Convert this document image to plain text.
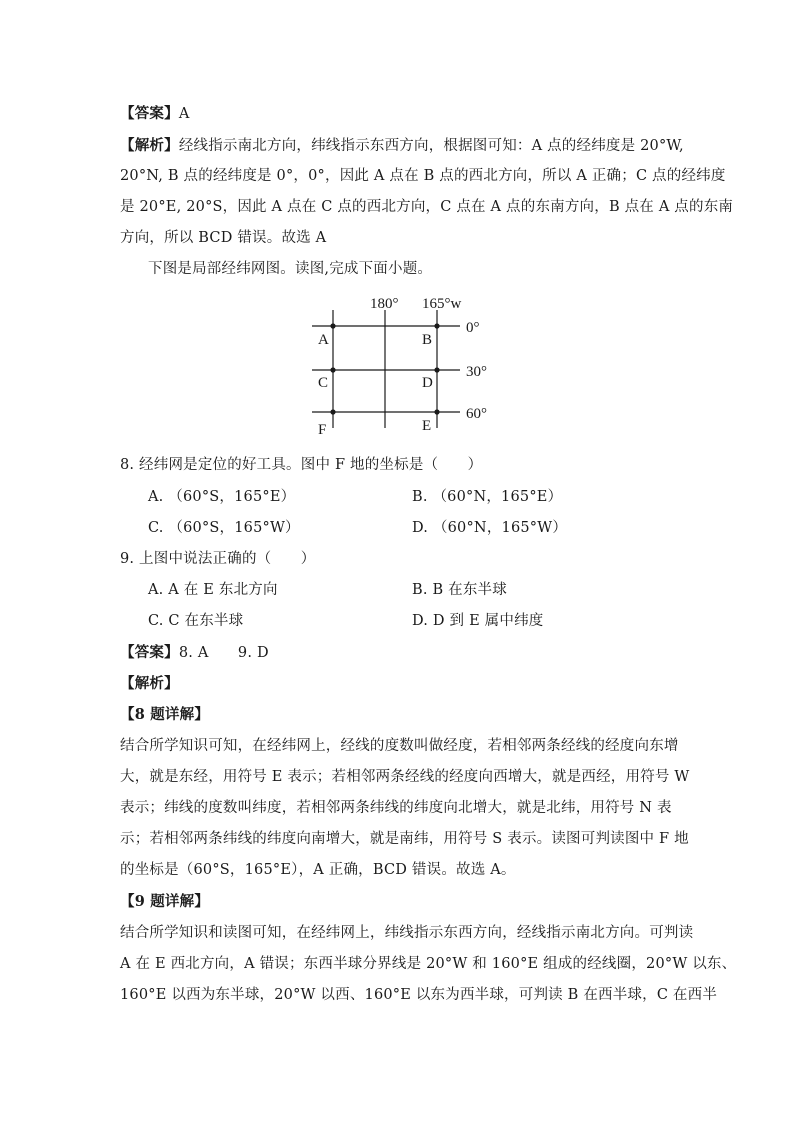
【答案】A
【解析】经线指示南北方向，纬线指示东西方向，根据图可知：A 点的经纬度是 20°W,
20°N, B 点的经纬度是 0°，0°，因此 A 点在 B 点的西北方向，所以 A 正确；C 点的经纬度
是 20°E, 20°S，因此 A 点在 C 点的西北方向，C 点在 A 点的东南方向，B 点在 A 点的东南
方向，所以 BCD 错误。故选 A
下图是局部经纬网图。读图,完成下面小题。
180° 165°w
0°
30°
60°
A	B
C	D
E
F
8. 经纬网是定位的好工具。图中 F 地的坐标是（　　）
A. （60°S，165°E）	B. （60°N，165°E）
C. （60°S，165°W）	D. （60°N，165°W）
9. 上图中说法正确的（　　）
A. A 在 E 东北方向	B. B 在东半球
C. C 在东半球	D. D 到 E 属中纬度
【答案】8. A　　9. D
【解析】
【8 题详解】
结合所学知识可知，在经纬网上，经线的度数叫做经度，若相邻两条经线的经度向东增
大，就是东经，用符号 E 表示；若相邻两条经线的经度向西增大，就是西经，用符号 W
表示；纬线的度数叫纬度，若相邻两条纬线的纬度向北增大，就是北纬，用符号 N 表
示；若相邻两条纬线的纬度向南增大，就是南纬，用符号 S 表示。读图可判读图中 F 地
的坐标是（60°S，165°E），A 正确，BCD 错误。故选 A。
【9 题详解】
结合所学知识和读图可知，在经纬网上，纬线指示东西方向，经线指示南北方向。可判读
A 在 E 西北方向，A 错误；东西半球分界线是 20°W 和 160°E 组成的经线圈，20°W 以东、
160°E 以西为东半球，20°W 以西、160°E 以东为西半球，可判读 B 在西半球，C 在西半
